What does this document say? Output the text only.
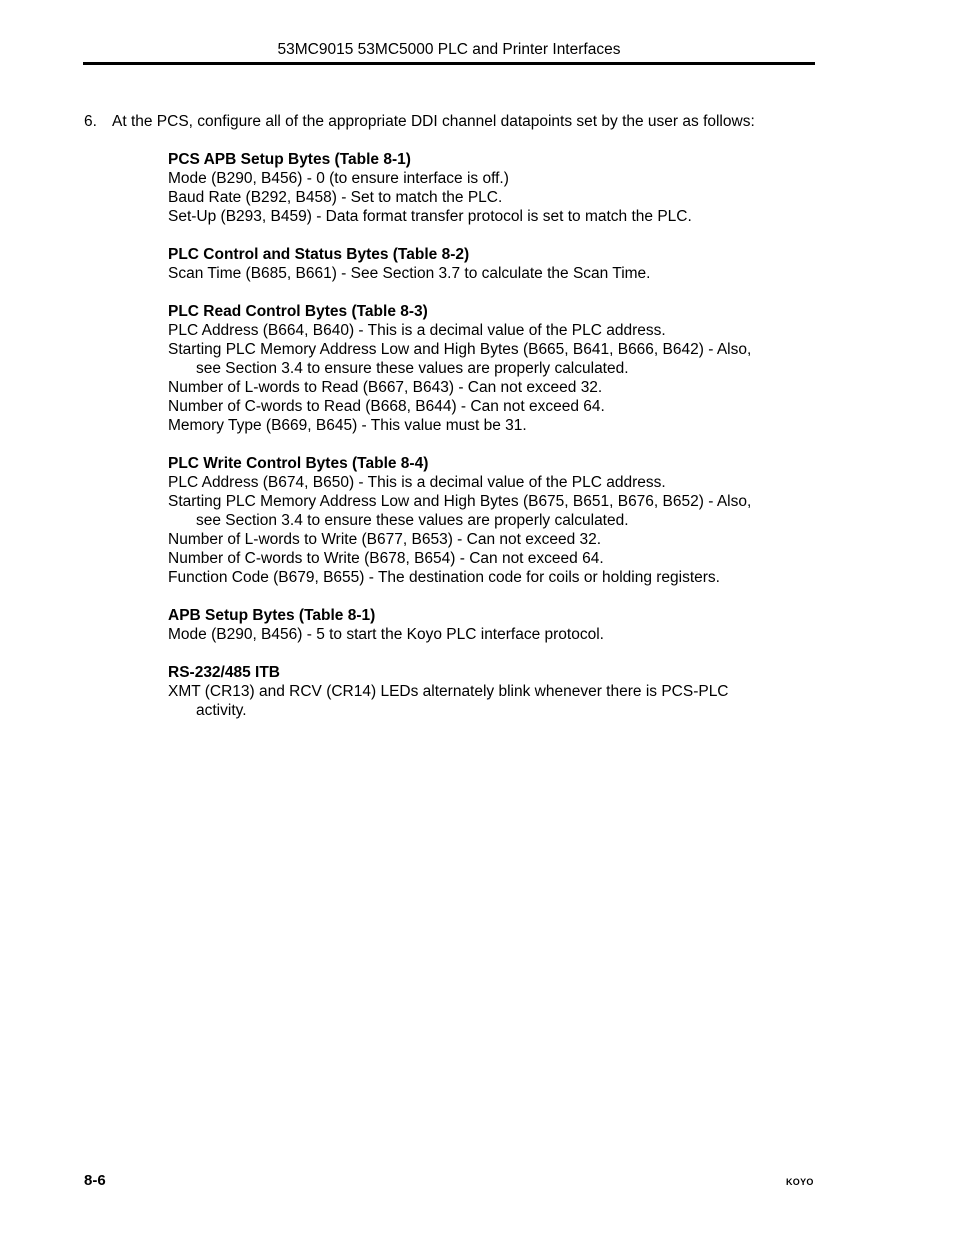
53MC9015 53MC5000 PLC and Printer Interfaces
6. At the PCS, configure all of the appropriate DDI channel datapoints set by the user as follows:
PCS APB Setup Bytes (Table 8-1)
Mode (B290, B456) - 0 (to ensure interface is off.)
Baud Rate (B292, B458) - Set to match the PLC.
Set-Up (B293, B459) - Data format transfer protocol is set to match the PLC.
PLC Control and Status Bytes (Table 8-2)
Scan Time (B685, B661) - See Section 3.7 to calculate the Scan Time.
PLC Read Control Bytes (Table 8-3)
PLC Address (B664, B640) - This is a decimal value of the PLC address.
Starting PLC Memory Address Low and High Bytes (B665, B641, B666, B642) - Also,
see Section 3.4 to ensure these values are properly calculated.
Number of L-words to Read (B667, B643) - Can not exceed 32.
Number of C-words to Read (B668, B644) - Can not exceed 64.
Memory Type (B669, B645) - This value must be 31.
PLC Write Control Bytes (Table 8-4)
PLC Address (B674, B650) - This is a decimal value of the PLC address.
Starting PLC Memory Address Low and High Bytes (B675, B651, B676, B652) - Also,
see Section 3.4 to ensure these values are properly calculated.
Number of L-words to Write (B677, B653) - Can not exceed 32.
Number of C-words to Write (B678, B654) - Can not exceed 64.
Function Code (B679, B655) - The destination code for coils or holding registers.
APB Setup Bytes (Table 8-1)
Mode (B290, B456) - 5 to start the Koyo PLC interface protocol.
RS-232/485 ITB
XMT (CR13) and RCV (CR14) LEDs alternately blink whenever there is PCS-PLC
activity.
8-6	KOYO
